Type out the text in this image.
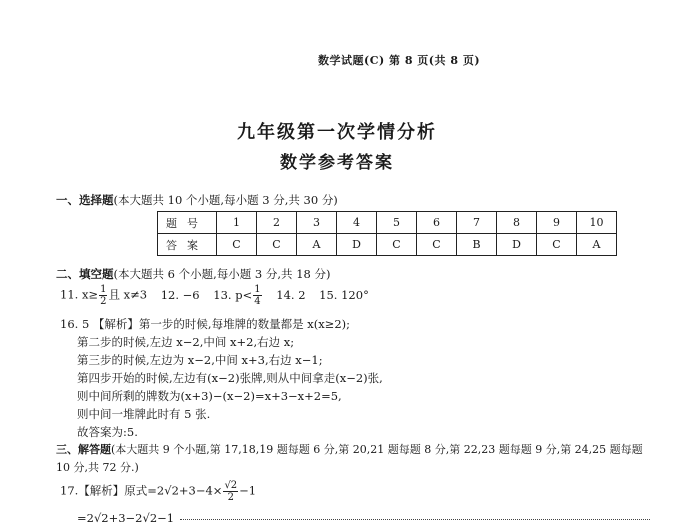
数学试题(C) 第 8 页(共 8 页)
九年级第一次学情分析
数学参考答案
一、选择题(本大题共 10 个小题,每小题 3 分,共 30 分)
题号	1	2	3	4	5	6	7	8	9	10
答案	C	C	A	D	C	C	B	D	C	A
二、填空题(本大题共 6 个小题,每小题 3 分,共 18 分)
11. $x\ge \frac{1}{2}$ 且 x≠3 12. −6 13. $p< \frac{1}{4} 14$. 2 15. 120°
16. 5 【解析】第一步的时候,每堆牌的数量都是 x(x≥2);
第二步的时候,左边 x−2,中间 x+2,右边 x;
第三步的时候,左边为 x−2,中间 x+3,右边 x−1;
第四步开始的时候,左边有(x−2)张牌,则从中间拿走(x−2)张,
则中间所剩的牌数为(x+3)−(x−2)=x+3−x+2=5,
则中间一堆牌此时有 5 张.
故答案为:5.
三、解答题(本大题共 9 个小题,第 17,18,19 题每题 6 分,第 20,21 题每题 8 分,第 22,23 题每题 9 分,第 24,25 题每题
10 分,共 72 分.)
17.【解析】原式$=2√2+3-4\times \frac{√2}{2} -1$
=2√2+3−2√2−1
